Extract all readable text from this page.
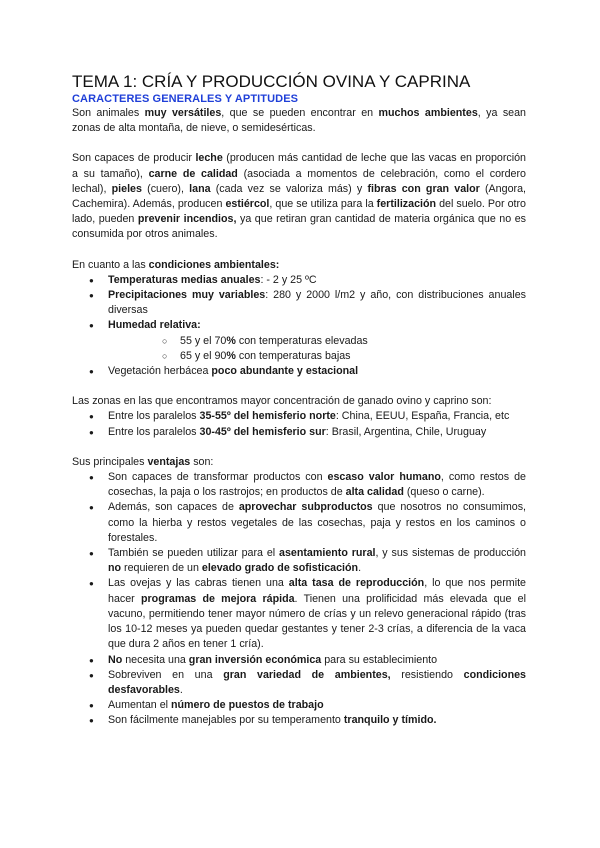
TEMA 1: CRÍA Y PRODUCCIÓN OVINA Y CAPRINA
CARACTERES GENERALES Y APTITUDES

Son animales muy versátiles, que se pueden encontrar en muchos ambientes, ya sean zonas de alta montaña, de nieve, o semidesérticas.

Son capaces de producir leche (producen más cantidad de leche que las vacas en proporción a su tamaño), carne de calidad (asociada a momentos de celebración, como el cordero lechal), pieles (cuero), lana (cada vez se valoriza más) y fibras con gran valor (Angora, Cachemira). Además, producen estiércol, que se utiliza para la fertilización del suelo. Por otro lado, pueden prevenir incendios, ya que retiran gran cantidad de materia orgánica que no es consumida por otros animales.

En cuanto a las condiciones ambientales:

● Temperaturas medias anuales: - 2 y 25 ºC
● Precipitaciones muy variables: 280 y 2000 l/m2 y año, con distribuciones anuales diversas
● Humedad relativa:
○ 55 y el 70% con temperaturas elevadas
○ 65 y el 90% con temperaturas bajas
● Vegetación herbácea poco abundante y estacional

Las zonas en las que encontramos mayor concentración de ganado ovino y caprino son:

● Entre los paralelos 35-55º del hemisferio norte: China, EEUU, España, Francia, etc
● Entre los paralelos 30-45º del hemisferio sur: Brasil, Argentina, Chile, Uruguay

Sus principales ventajas son:

● Son capaces de transformar productos con escaso valor humano, como restos de cosechas, la paja o los rastrojos; en productos de alta calidad (queso o carne).
● Además, son capaces de aprovechar subproductos que nosotros no consumimos, como la hierba y restos vegetales de las cosechas, paja y restos en los caminos o forestales.
● También se pueden utilizar para el asentamiento rural, y sus sistemas de producción no requieren de un elevado grado de sofisticación.
● Las ovejas y las cabras tienen una alta tasa de reproducción, lo que nos permite hacer programas de mejora rápida. Tienen una prolificidad más elevada que el vacuno, permitiendo tener mayor número de crías y un relevo generacional rápido (tras los 10-12 meses ya pueden quedar gestantes y tener 2-3 crías, a diferencia de la vaca que dura 2 años en tener 1 cría).
● No necesita una gran inversión económica para su establecimiento
● Sobreviven en una gran variedad de ambientes, resistiendo condiciones desfavorables.
● Aumentan el número de puestos de trabajo
● Son fácilmente manejables por su temperamento tranquilo y tímido.
